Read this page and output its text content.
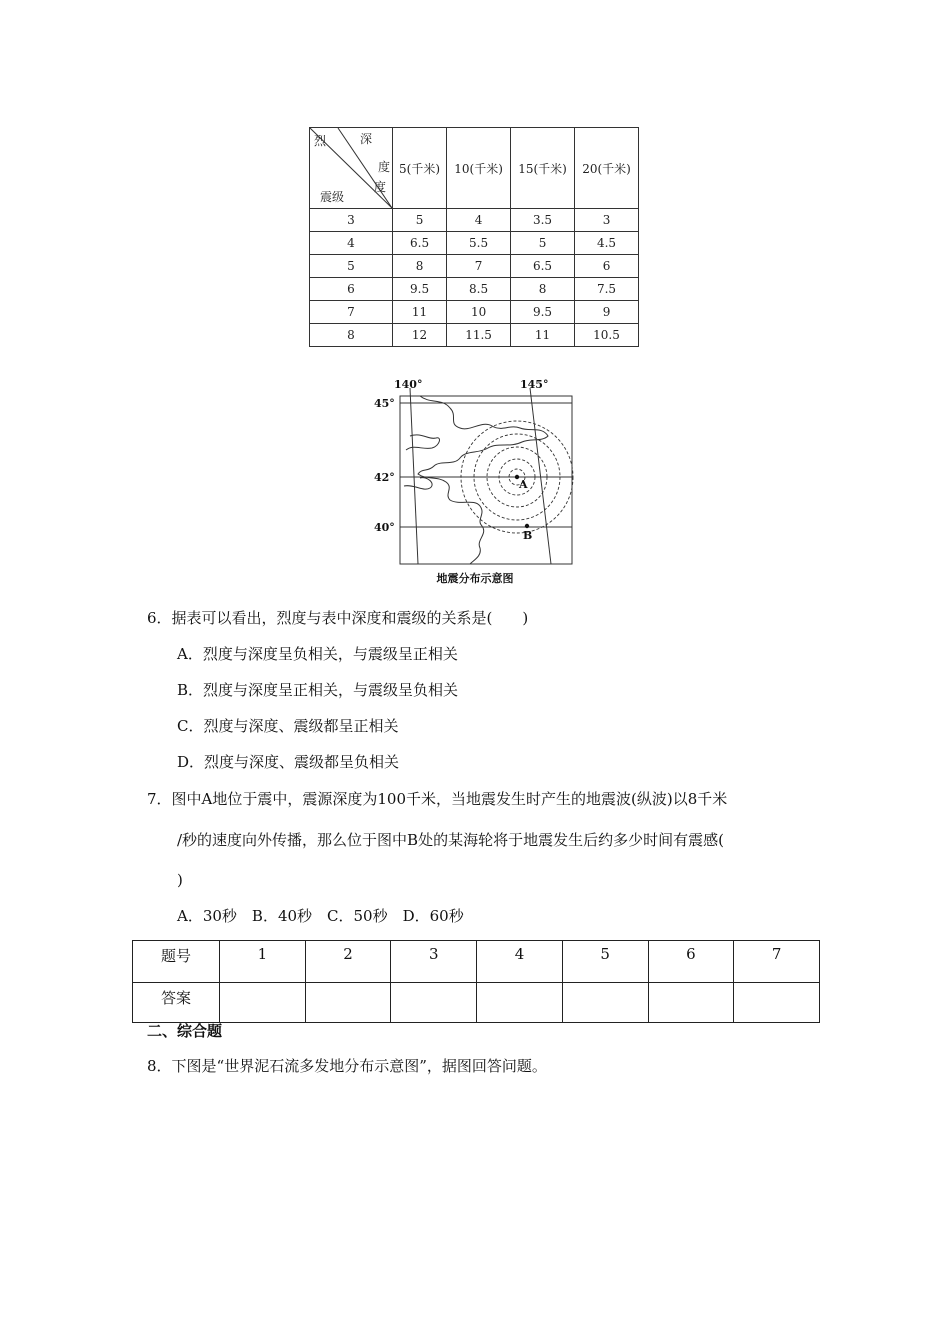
烈 深
度
度
震级	5(千米)	10(千米)	15(千米)	20(千米)
3	5	4	3.5	3
4	6.5	5.5	5	4.5
5	8	7	6.5	6
6	9.5	8.5	8	7.5
7	11	10	9.5	9
8	12	11.5	11	10.5
140°	145°
45°
42°
40°
A
B
地震分布示意图
6．据表可以看出，烈度与表中深度和震级的关系是(　　)
A．烈度与深度呈负相关，与震级呈正相关
B．烈度与深度呈正相关，与震级呈负相关
C．烈度与深度、震级都呈正相关
D．烈度与深度、震级都呈负相关
7．图中A地位于震中，震源深度为100千米，当地震发生时产生的地震波(纵波)以8千米
/秒的速度向外传播，那么位于图中B处的某海轮将于地震发生后约多少时间有震感(
)
A．30秒　B．40秒　C．50秒　D．60秒
题号	1	2	3	4	5	6	7
答案							
二、综合题
8．下图是“世界泥石流多发地分布示意图”，据图回答问题。
